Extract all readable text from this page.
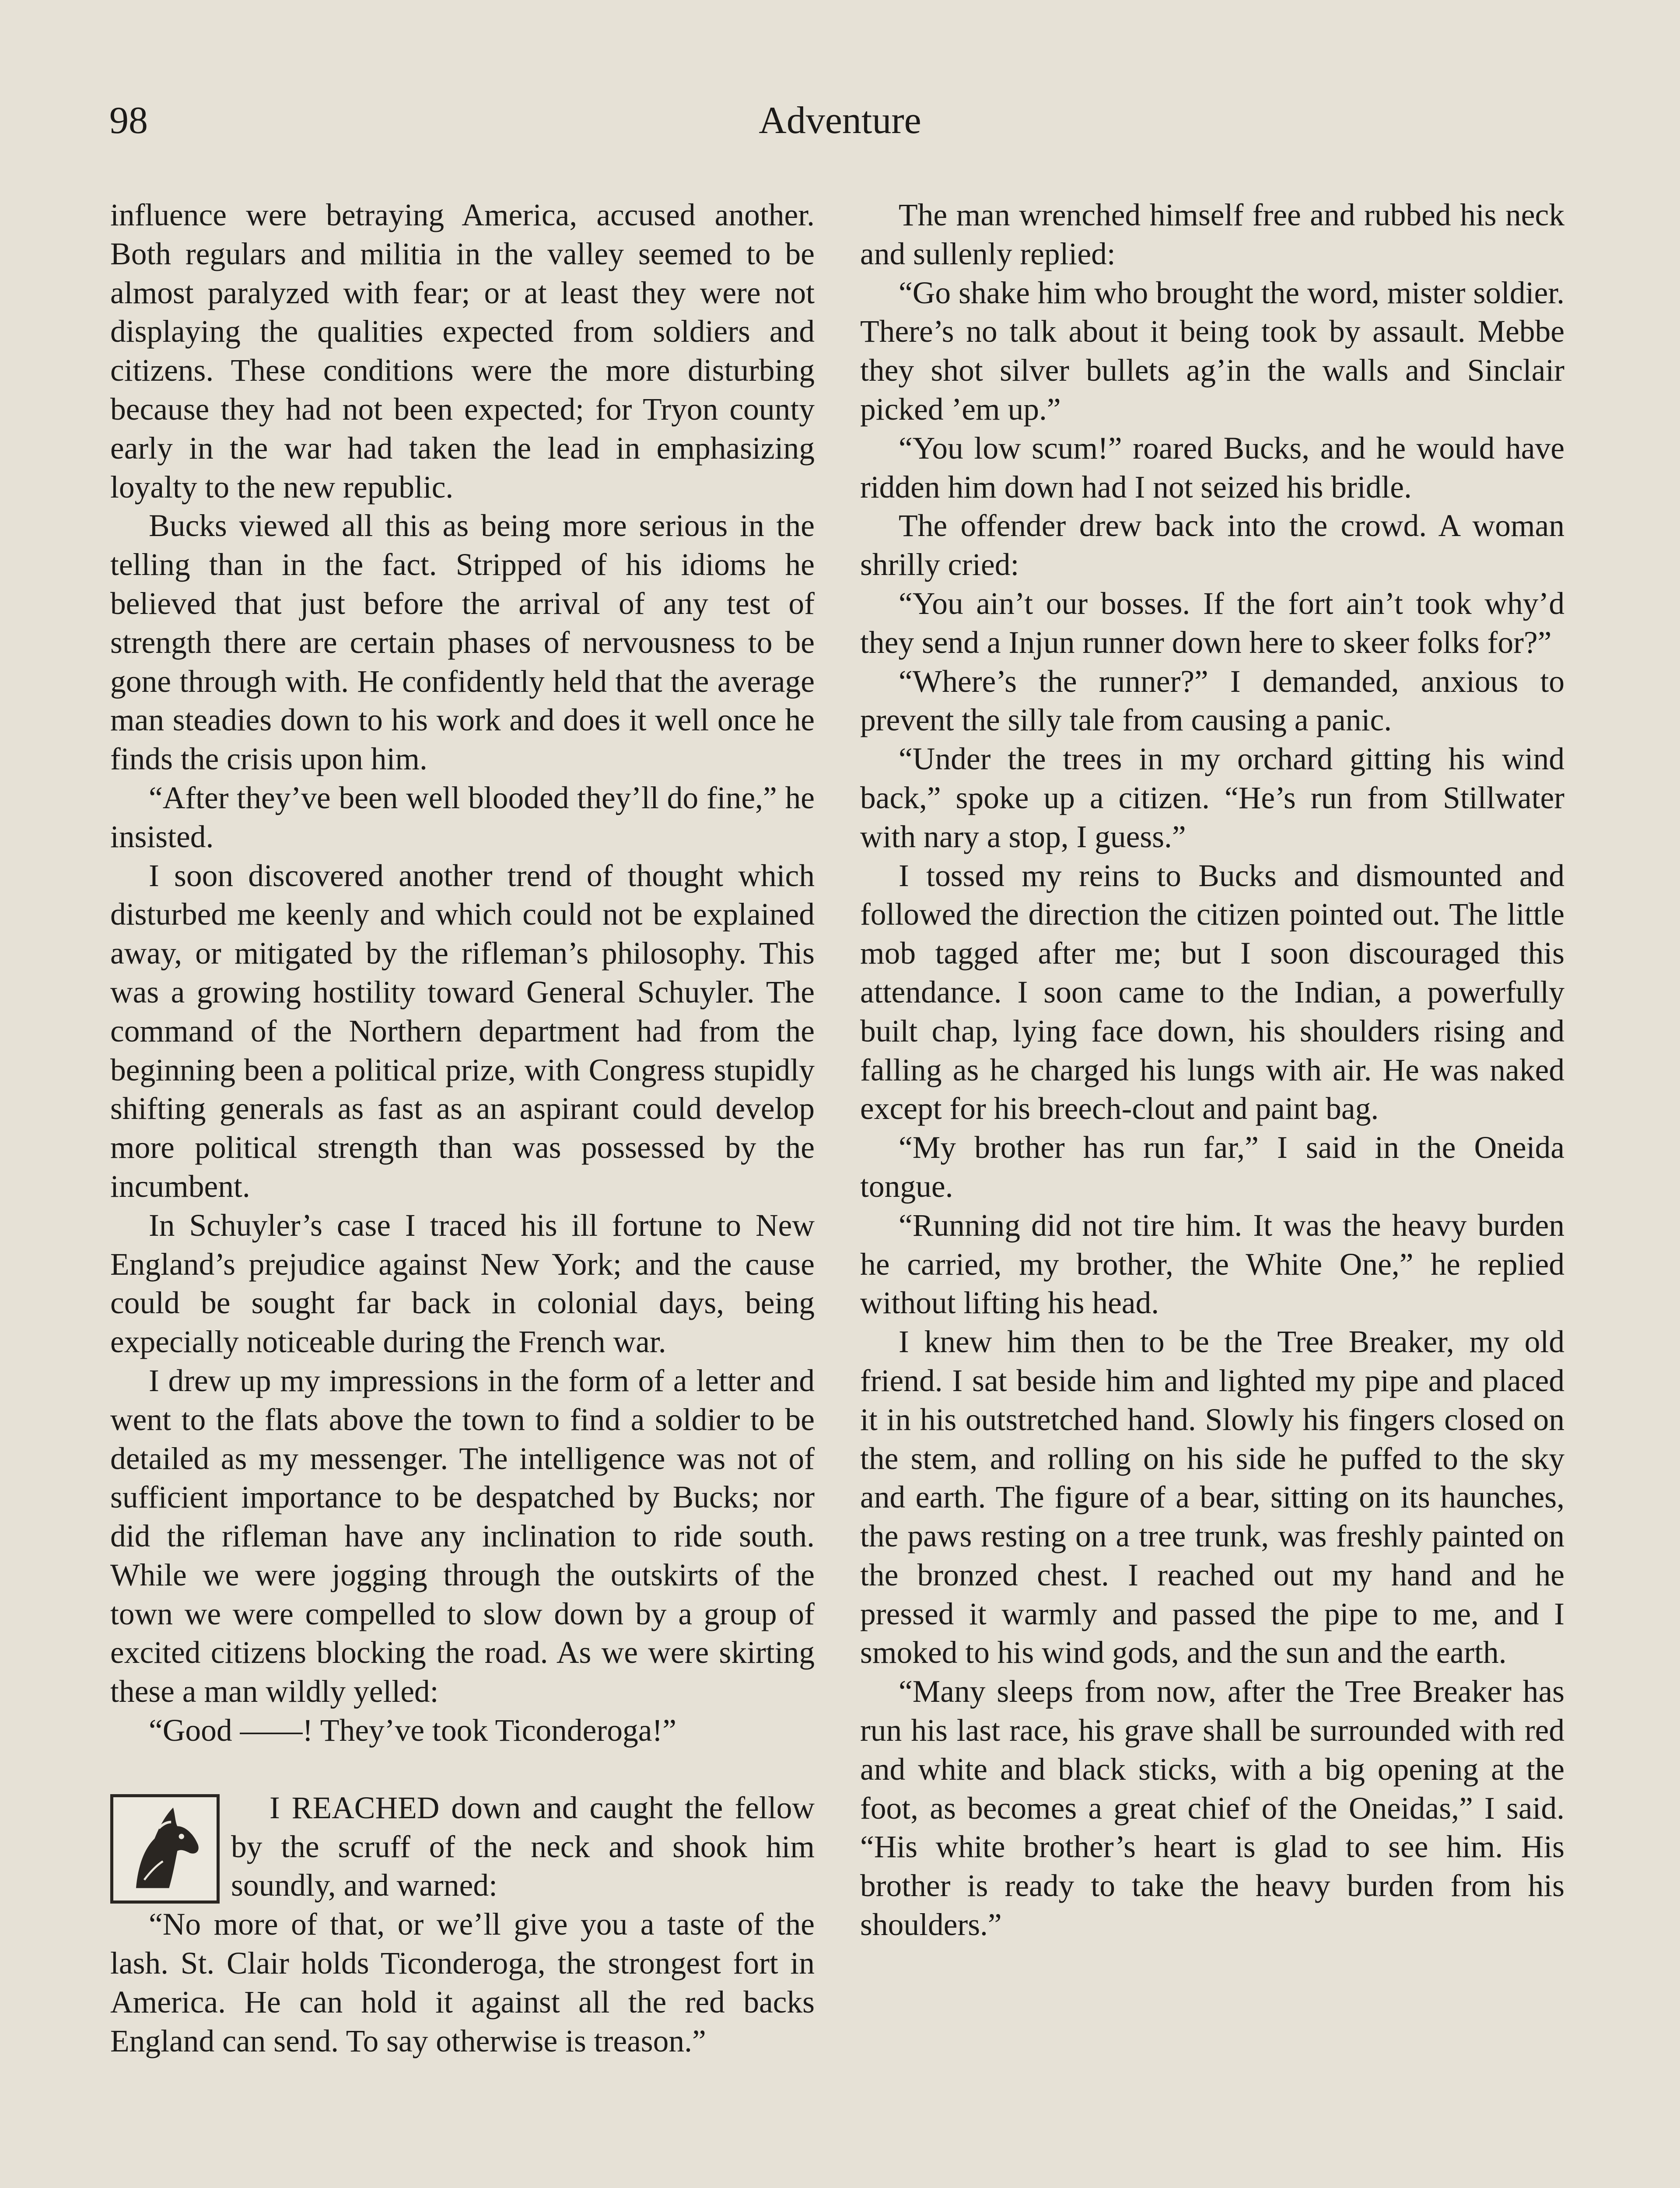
98	Adventure

influence were betraying America, accused another. Both regulars and militia in the valley seemed to be almost paralyzed with fear; or at least they were not displaying the qualities expected from soldiers and citizens. These conditions were the more disturbing because they had not been expected; for Tryon county early in the war had taken the lead in emphasizing loyalty to the new republic.

Bucks viewed all this as being more serious in the telling than in the fact. Stripped of his idioms he believed that just before the arrival of any test of strength there are certain phases of nervousness to be gone through with. He confidently held that the average man steadies down to his work and does it well once he finds the crisis upon him.

“After they’ve been well blooded they’ll do fine,” he insisted.

I soon discovered another trend of thought which disturbed me keenly and which could not be explained away, or mitigated by the rifleman’s philosophy. This was a growing hostility toward General Schuyler. The command of the Northern department had from the beginning been a political prize, with Congress stupidly shifting generals as fast as an aspirant could develop more political strength than was possessed by the incumbent.

In Schuyler’s case I traced his ill fortune to New England’s prejudice against New York; and the cause could be sought far back in colonial days, being expecially noticeable during the French war.

I drew up my impressions in the form of a letter and went to the flats above the town to find a soldier to be detailed as my messenger. The intelligence was not of sufficient importance to be despatched by Bucks; nor did the rifleman have any inclination to ride south. While we were jogging through the outskirts of the town we were compelled to slow down by a group of excited citizens blocking the road. As we were skirting these a man wildly yelled:

“Good ——! They’ve took Ticonderoga!”

I REACHED down and caught the fellow by the scruff of the neck and shook him soundly, and warned:

“No more of that, or we’ll give you a taste of the lash. St. Clair holds Ticonderoga, the strongest fort in America. He can hold it against all the red backs England can send. To say otherwise is treason.”

The man wrenched himself free and rubbed his neck and sullenly replied:

“Go shake him who brought the word, mister soldier. There’s no talk about it being took by assault. Mebbe they shot silver bullets ag’in the walls and Sinclair picked ’em up.”

“You low scum!” roared Bucks, and he would have ridden him down had I not seized his bridle.

The offender drew back into the crowd. A woman shrilly cried:

“You ain’t our bosses. If the fort ain’t took why’d they send a Injun runner down here to skeer folks for?”

“Where’s the runner?” I demanded, anxious to prevent the silly tale from causing a panic.

“Under the trees in my orchard gitting his wind back,” spoke up a citizen. “He’s run from Stillwater with nary a stop, I guess.”

I tossed my reins to Bucks and dismounted and followed the direction the citizen pointed out. The little mob tagged after me; but I soon discouraged this attendance. I soon came to the Indian, a powerfully built chap, lying face down, his shoulders rising and falling as he charged his lungs with air. He was naked except for his breech-clout and paint bag.

“My brother has run far,” I said in the Oneida tongue.

“Running did not tire him. It was the heavy burden he carried, my brother, the White One,” he replied without lifting his head.

I knew him then to be the Tree Breaker, my old friend. I sat beside him and lighted my pipe and placed it in his outstretched hand. Slowly his fingers closed on the stem, and rolling on his side he puffed to the sky and earth. The figure of a bear, sitting on its haunches, the paws resting on a tree trunk, was freshly painted on the bronzed chest. I reached out my hand and he pressed it warmly and passed the pipe to me, and I smoked to his wind gods, and the sun and the earth.

“Many sleeps from now, after the Tree Breaker has run his last race, his grave shall be surrounded with red and white and black sticks, with a big opening at the foot, as becomes a great chief of the Oneidas,” I said. “His white brother’s heart is glad to see him. His brother is ready to take the heavy burden from his shoulders.”
